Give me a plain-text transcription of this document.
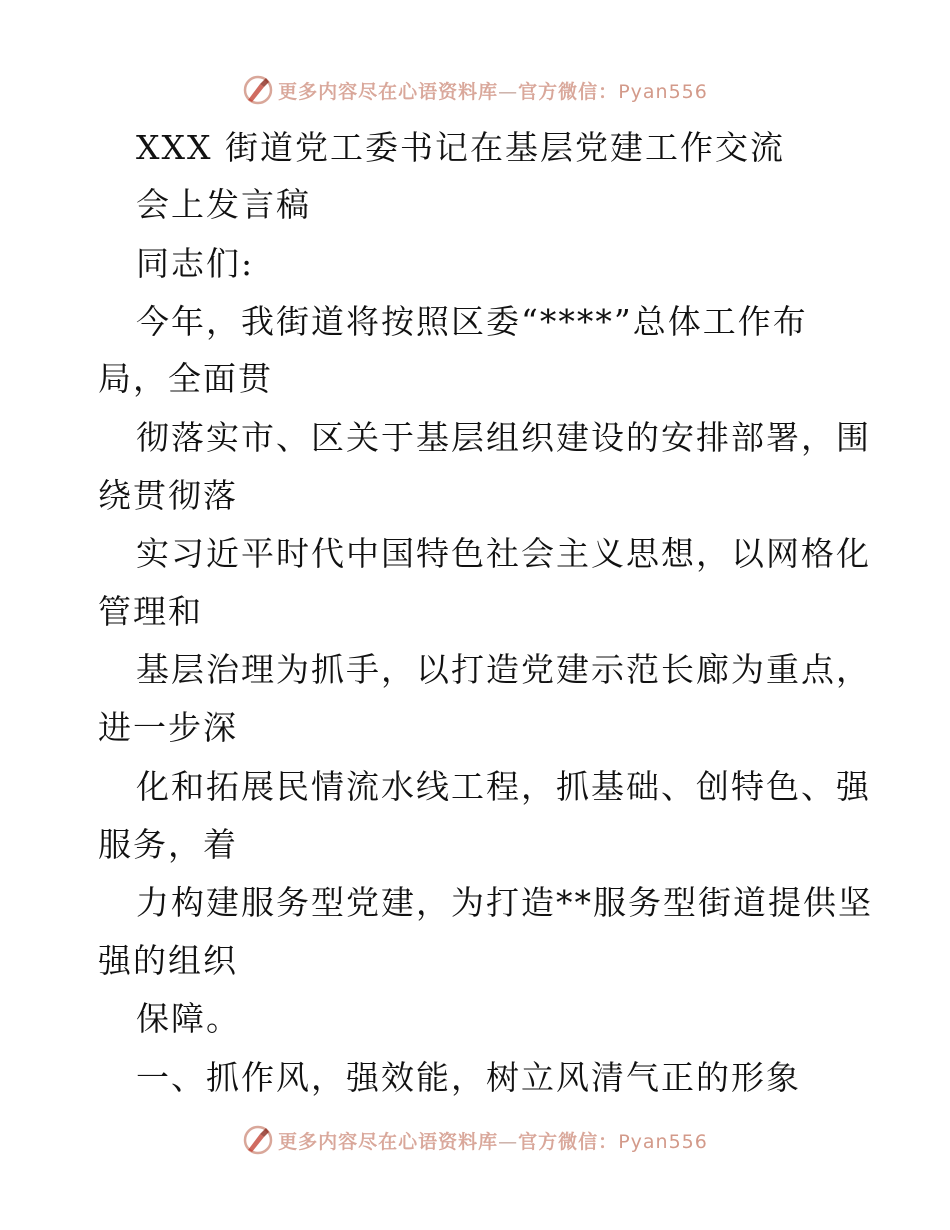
更多内容尽在心语资料库—官方微信：Pyan556
XXX 街道党工委书记在基层党建工作交流
会上发言稿
同志们:
今年，我街道将按照区委“****”总体工作布
局，全面贯
彻落实市、区关于基层组织建设的安排部署，围
绕贯彻落
实习近平时代中国特色社会主义思想，以网格化
管理和
基层治理为抓手，以打造党建示范长廊为重点，
进一步深
化和拓展民情流水线工程，抓基础、创特色、强
服务，着
力构建服务型党建，为打造**服务型街道提供坚
强的组织
保障。
一、抓作风，强效能，树立风清气正的形象
更多内容尽在心语资料库—官方微信：Pyan556
